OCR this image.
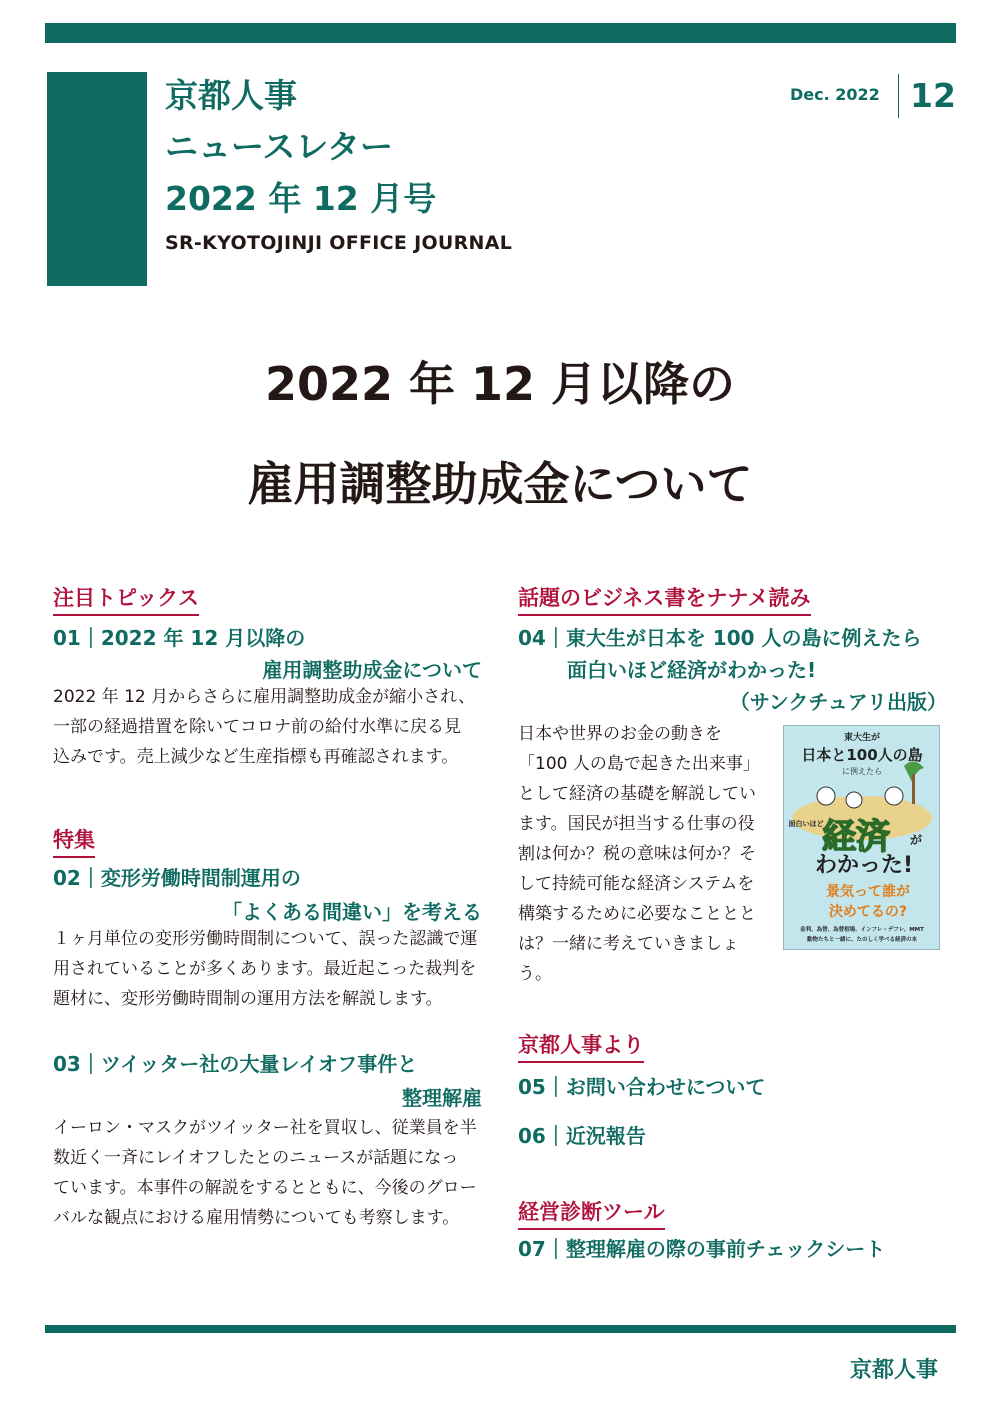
京都人事
ニュースレター
2022 年 12 月号
SR-KYOTOJINJI OFFICE JOURNAL
Dec. 2022 12
2022 年 12 月以降の
雇用調整助成金について
注目トピックス
01｜2022 年 12 月以降の
雇用調整助成金について
2022 年 12 月からさらに雇用調整助成金が縮小され、
一部の経過措置を除いてコロナ前の給付水準に戻る見
込みです。売上減少など生産指標も再確認されます。
特集
02｜変形労働時間制運用の
「よくある間違い」を考える
１ヶ月単位の変形労働時間制について、誤った認識で運
用されていることが多くあります。最近起こった裁判を
題材に、変形労働時間制の運用方法を解説します。
03｜ツイッター社の大量レイオフ事件と
整理解雇
イーロン・マスクがツイッター社を買収し、従業員を半
数近く一斉にレイオフしたとのニュースが話題になっ
ています。本事件の解説をするとともに、今後のグロー
バルな観点における雇用情勢についても考察します。
話題のビジネス書をナナメ読み
04｜東大生が日本を 100 人の島に例えたら
面白いほど経済がわかった!
（サンクチュアリ出版）
日本や世界のお金の動きを
「100 人の島で起きた出来事」
として経済の基礎を解説してい
ます。国民が担当する仕事の役
割は何か？税の意味は何か？そ
して持続可能な経済システムを
構築するために必要なこととと
は？一緒に考えていきましょ
う。
東大生が
日本と100人の島
に例えたら
面白いほど
経済 が
わかった!
景気って誰が
決めてるの?
金利、為替、為替相場、インフレ・デフレ、MMT
動物たちと一緒に、たのしく学べる経済の本
京都人事より
05｜お問い合わせについて
06｜近況報告
経営診断ツール
07｜整理解雇の際の事前チェックシート
京都人事
